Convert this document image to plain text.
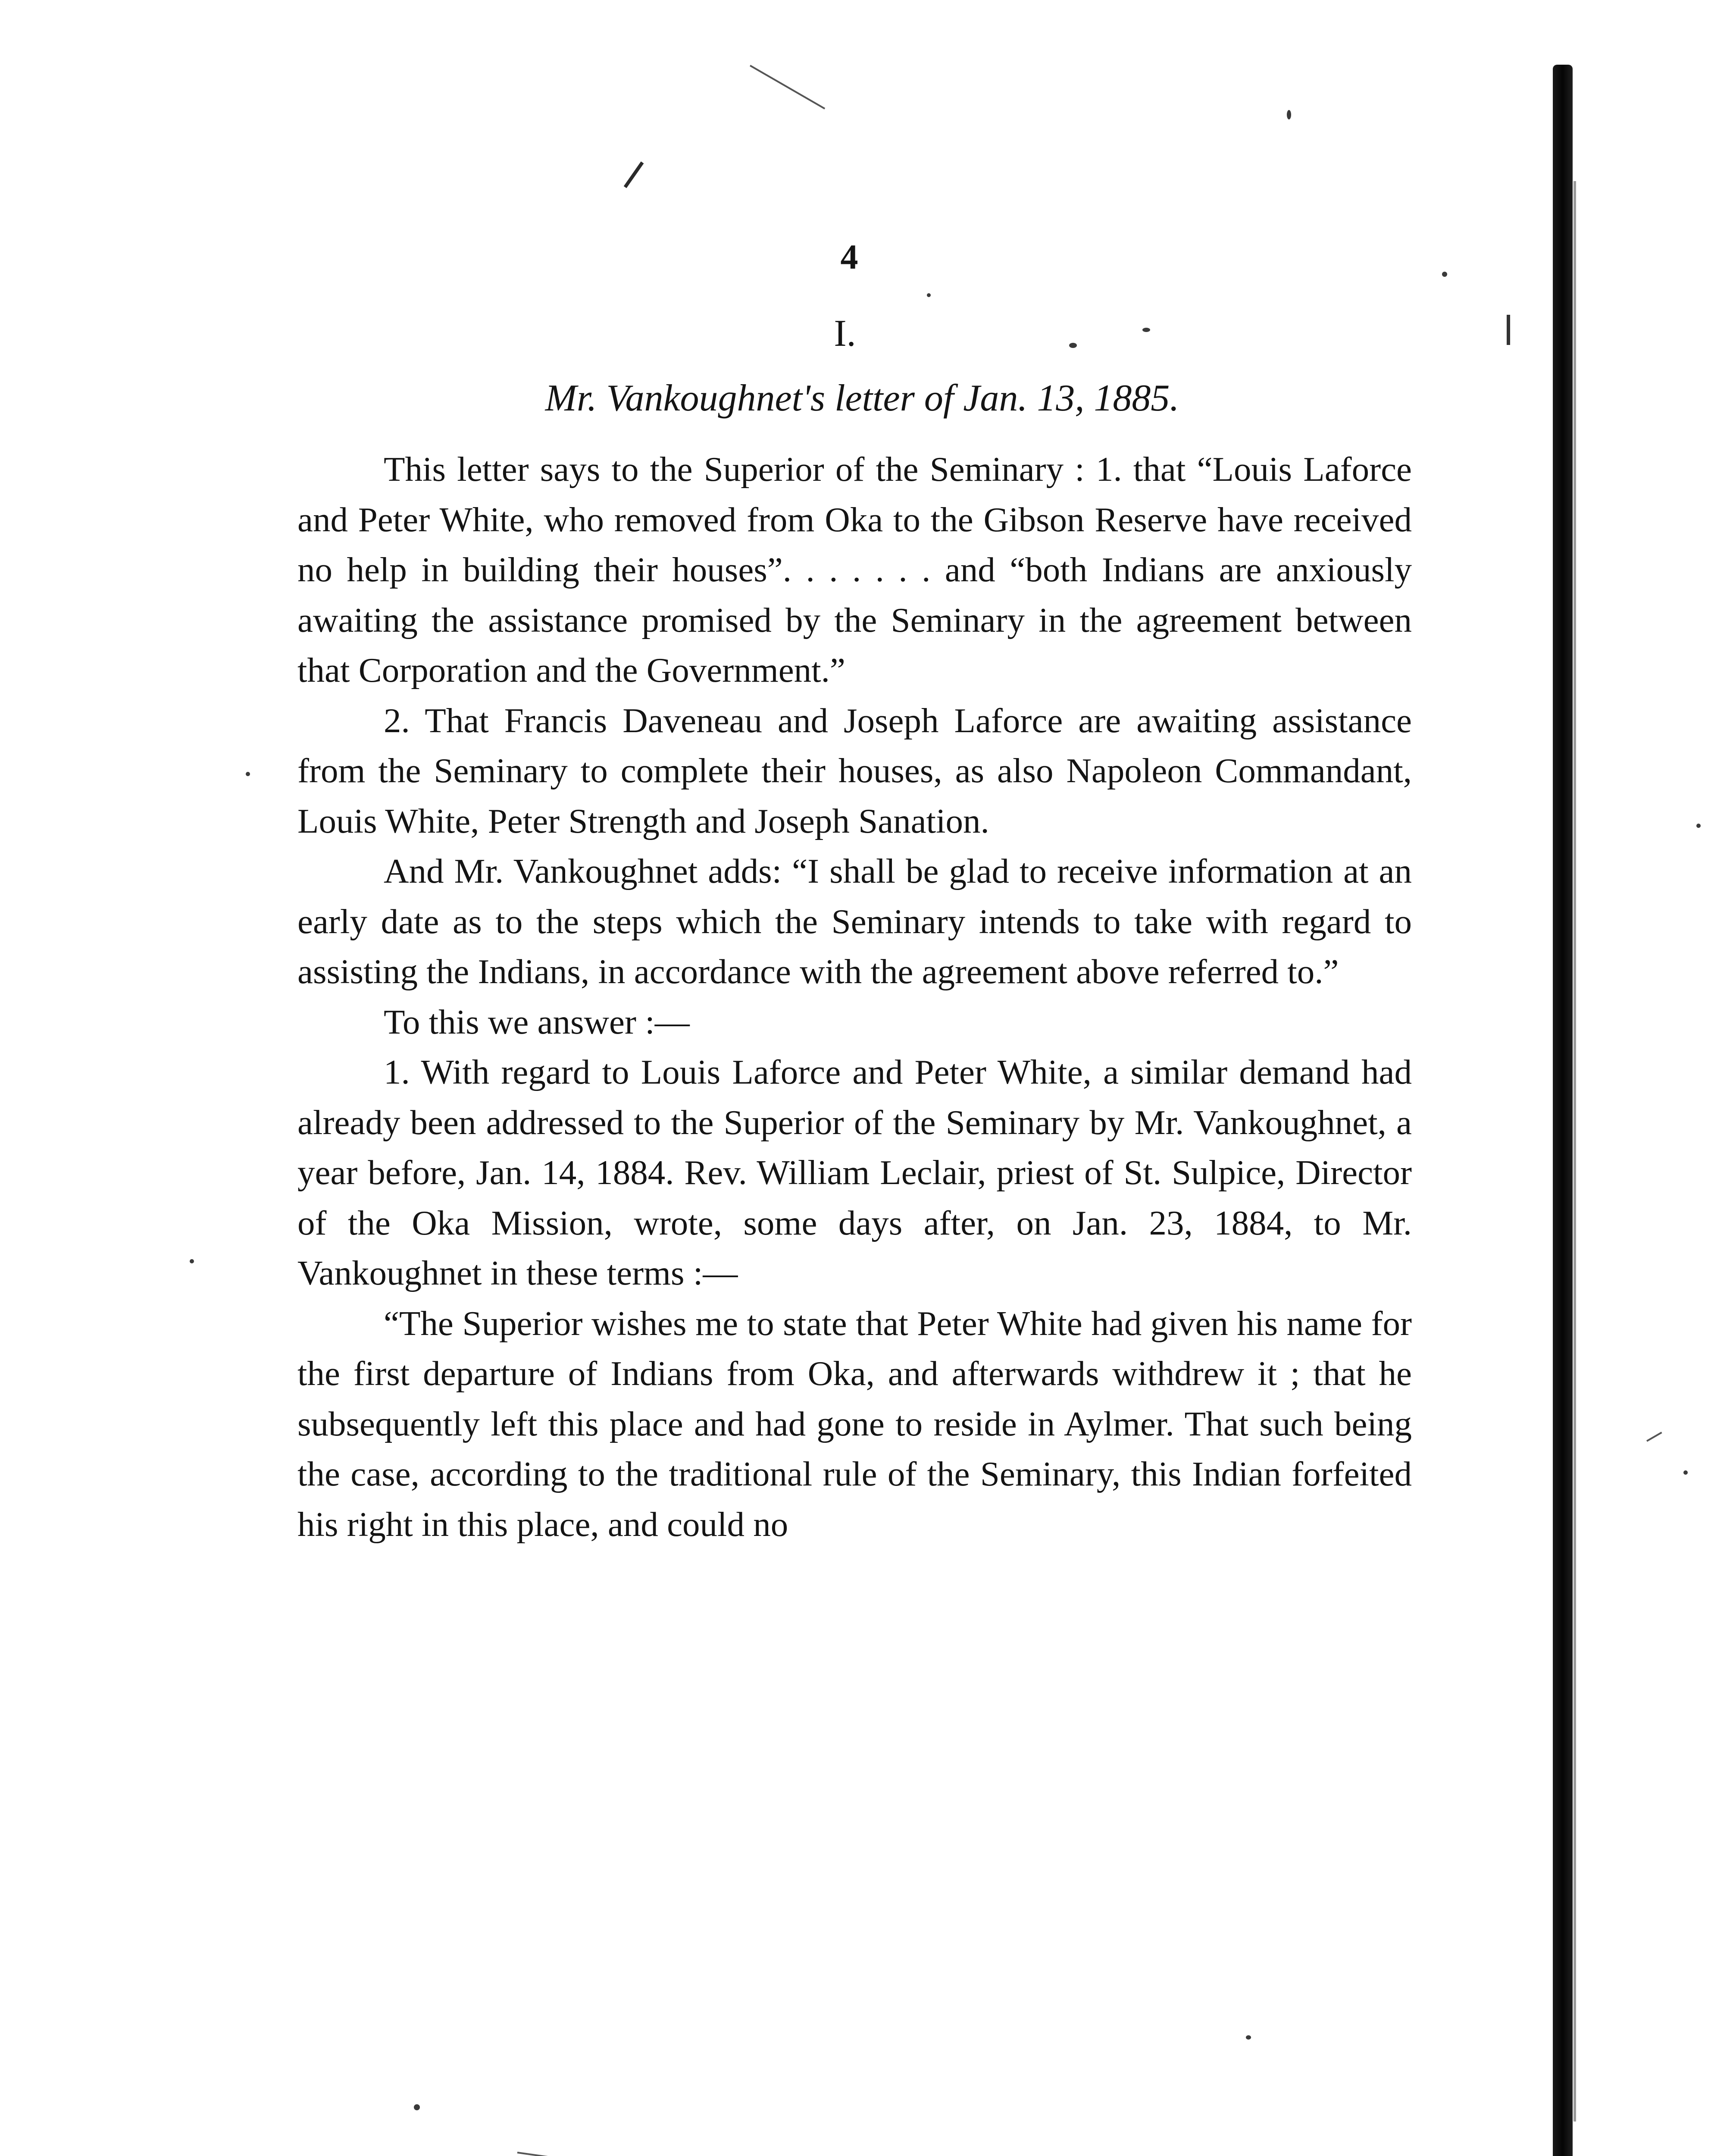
4
I.
Mr. Vankoughnet's letter of Jan. 13, 1885.

This letter says to the Superior of the Seminary : 1. that “Louis Laforce and Peter White, who removed from Oka to the Gibson Reserve have received no help in building their houses”. . . . . . . and “both Indians are anxiously awaiting the assistance promised by the Seminary in the agreement between that Corporation and the Government.”

2. That Francis Daveneau and Joseph Laforce are awaiting assistance from the Seminary to complete their houses, as also Napoleon Commandant, Louis White, Peter Strength and Joseph Sanation.

And Mr. Vankoughnet adds: “I shall be glad to receive information at an early date as to the steps which the Seminary intends to take with regard to assisting the Indians, in accordance with the agreement above referred to.”

To this we answer :—

1. With regard to Louis Laforce and Peter White, a similar demand had already been addressed to the Superior of the Seminary by Mr. Vankoughnet, a year before, Jan. 14, 1884. Rev. William Leclair, priest of St. Sulpice, Director of the Oka Mission, wrote, some days after, on Jan. 23, 1884, to Mr. Vankoughnet in these terms :—

“The Superior wishes me to state that Peter White had given his name for the first departure of Indians from Oka, and afterwards withdrew it ; that he subsequently left this place and had gone to reside in Aylmer. That such being the case, according to the traditional rule of the Seminary, this Indian forfeited his right in this place, and could no
